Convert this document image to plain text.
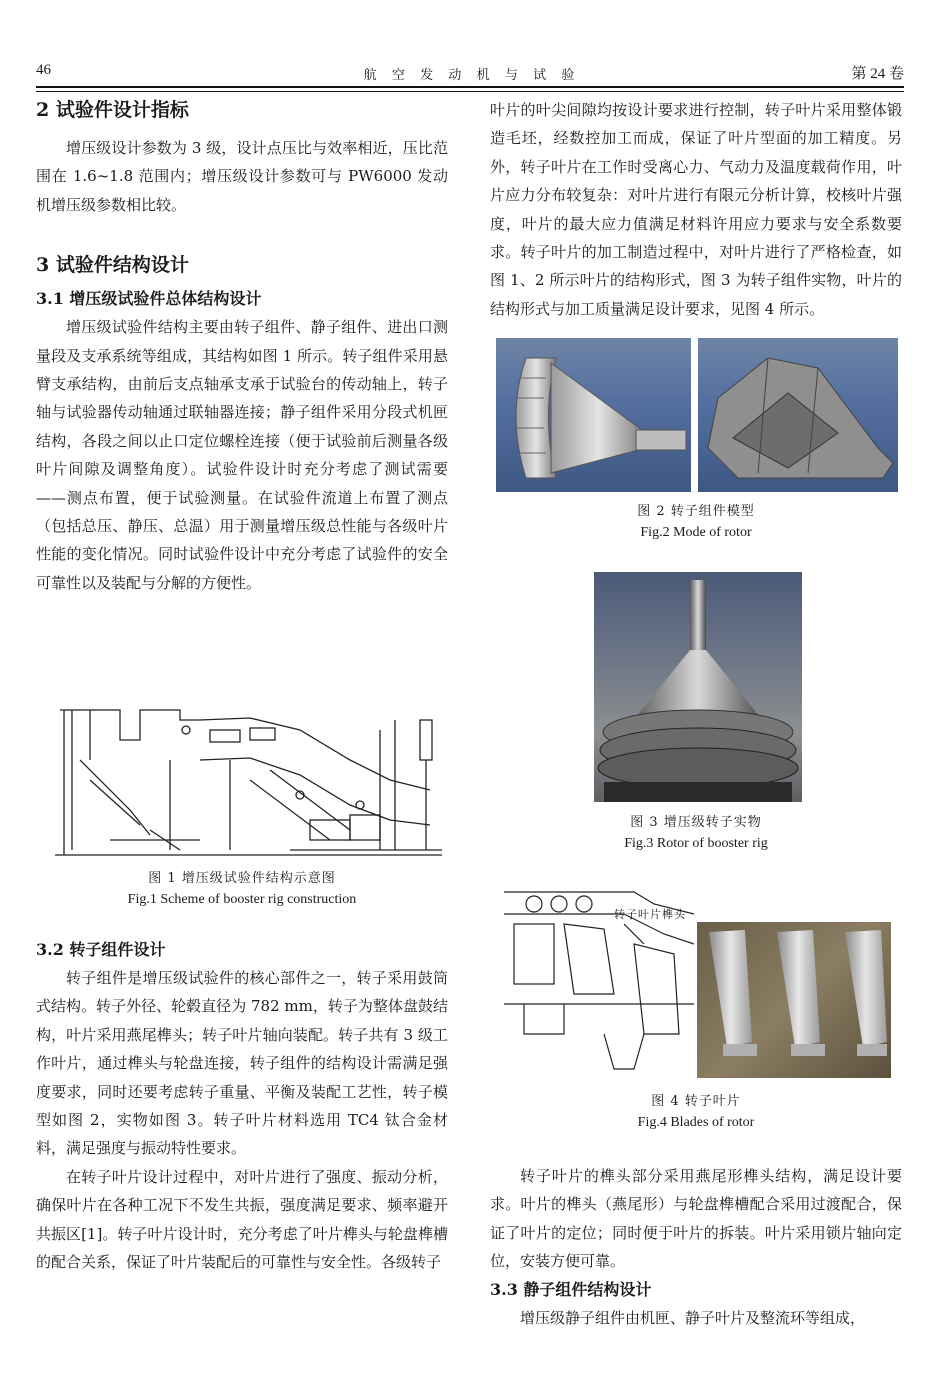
46	航 空 发 动 机 与 试 验	第 24 卷
2 试验件设计指标

增压级设计参数为 3 级，设计点压比与效率相近，压比范围在 1.6~1.8 范围内；增压级设计参数可与 PW6000 发动机增压级参数相比较。

3 试验件结构设计
3.1 增压级试验件总体结构设计

增压级试验件结构主要由转子组件、静子组件、进出口测量段及支承系统等组成，其结构如图 1 所示。转子组件采用悬臂支承结构，由前后支点轴承支承于试验台的传动轴上，转子轴与试验器传动轴通过联轴器连接；静子组件采用分段式机匣结构，各段之间以止口定位螺栓连接（便于试验前后测量各级叶片间隙及调整角度）。试验件设计时充分考虑了测试需要——测点布置，便于试验测量。在试验件流道上布置了测点（包括总压、静压、总温）用于测量增压级总性能与各级叶片性能的变化情况。同时试验件设计中充分考虑了试验件的安全可靠性以及装配与分解的方便性。

图 1 增压级试验件结构示意图
Fig.1 Scheme of booster rig construction
3.2 转子组件设计

转子组件是增压级试验件的核心部件之一，转子采用鼓筒式结构。转子外径、轮毂直径为 782 mm，转子为整体盘鼓结构，叶片采用燕尾榫头；转子叶片轴向装配。转子共有 3 级工作叶片，通过榫头与轮盘连接，转子组件的结构设计需满足强度要求，同时还要考虑转子重量、平衡及装配工艺性，转子模型如图 2，实物如图 3。转子叶片材料选用 TC4 钛合金材料，满足强度与振动特性要求。

在转子叶片设计过程中，对叶片进行了强度、振动分析，确保叶片在各种工况下不发生共振，强度满足要求、频率避开共振区[1]。转子叶片设计时，充分考虑了叶片榫头与轮盘榫槽的配合关系，保证了叶片装配后的可靠性与安全性。各级转子

叶片的叶尖间隙均按设计要求进行控制，转子叶片采用整体锻造毛坯，经数控加工而成，保证了叶片型面的加工精度。另外，转子叶片在工作时受离心力、气动力及温度载荷作用，叶片应力分布较复杂：对叶片进行有限元分析计算，校核叶片强度，叶片的最大应力值满足材料许用应力要求与安全系数要求。转子叶片的加工制造过程中，对叶片进行了严格检查，如图 1、2 所示叶片的结构形式，图 3 为转子组件实物，叶片的结构形式与加工质量满足设计要求，见图 4 所示。

图 2 转子组件模型
Fig.2 Mode of rotor
图 3 增压级转子实物
Fig.3 Rotor of booster rig
转子叶片榫头
图 4 转子叶片
Fig.4 Blades of rotor

转子叶片的榫头部分采用燕尾形榫头结构，满足设计要求。叶片的榫头（燕尾形）与轮盘榫槽配合采用过渡配合，保证了叶片的定位；同时便于叶片的拆装。叶片采用锁片轴向定位，安装方便可靠。

3.3 静子组件结构设计

增压级静子组件由机匣、静子叶片及整流环等组成，
